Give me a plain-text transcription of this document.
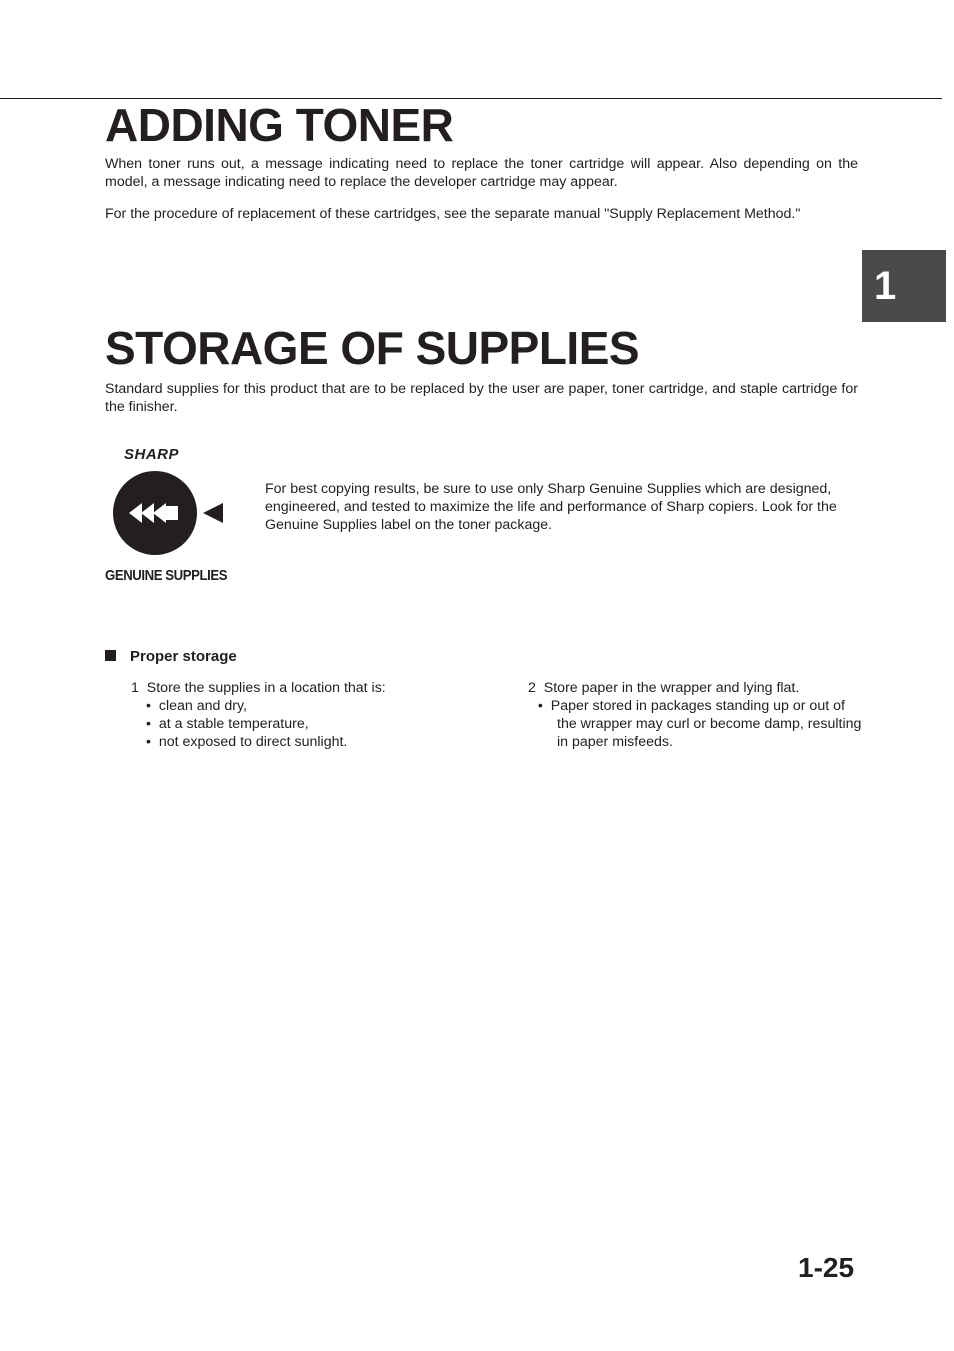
ADDING TONER

When toner runs out, a message indicating need to replace the toner cartridge will appear. Also depending on the model, a message indicating need to replace the developer cartridge may appear.

For the procedure of replacement of these cartridges, see the separate manual "Supply Replacement Method."

1
STORAGE OF SUPPLIES

Standard supplies for this product that are to be replaced by the user are paper, toner cartridge, and staple cartridge for the finisher.

SHARP
GENUINE SUPPLIES

For best copying results, be sure to use only Sharp Genuine Supplies which are designed, engineered, and tested to maximize the life and performance of Sharp copiers. Look for the Genuine Supplies label on the toner package.

Proper storage
1 Store the supplies in a location that is:
•  clean and dry,
•  at a stable temperature,
•  not exposed to direct sunlight.
2 Store paper in the wrapper and lying flat.
•  Paper stored in packages standing up or out of
the wrapper may curl or become damp, resulting
in paper misfeeds.
1-25
